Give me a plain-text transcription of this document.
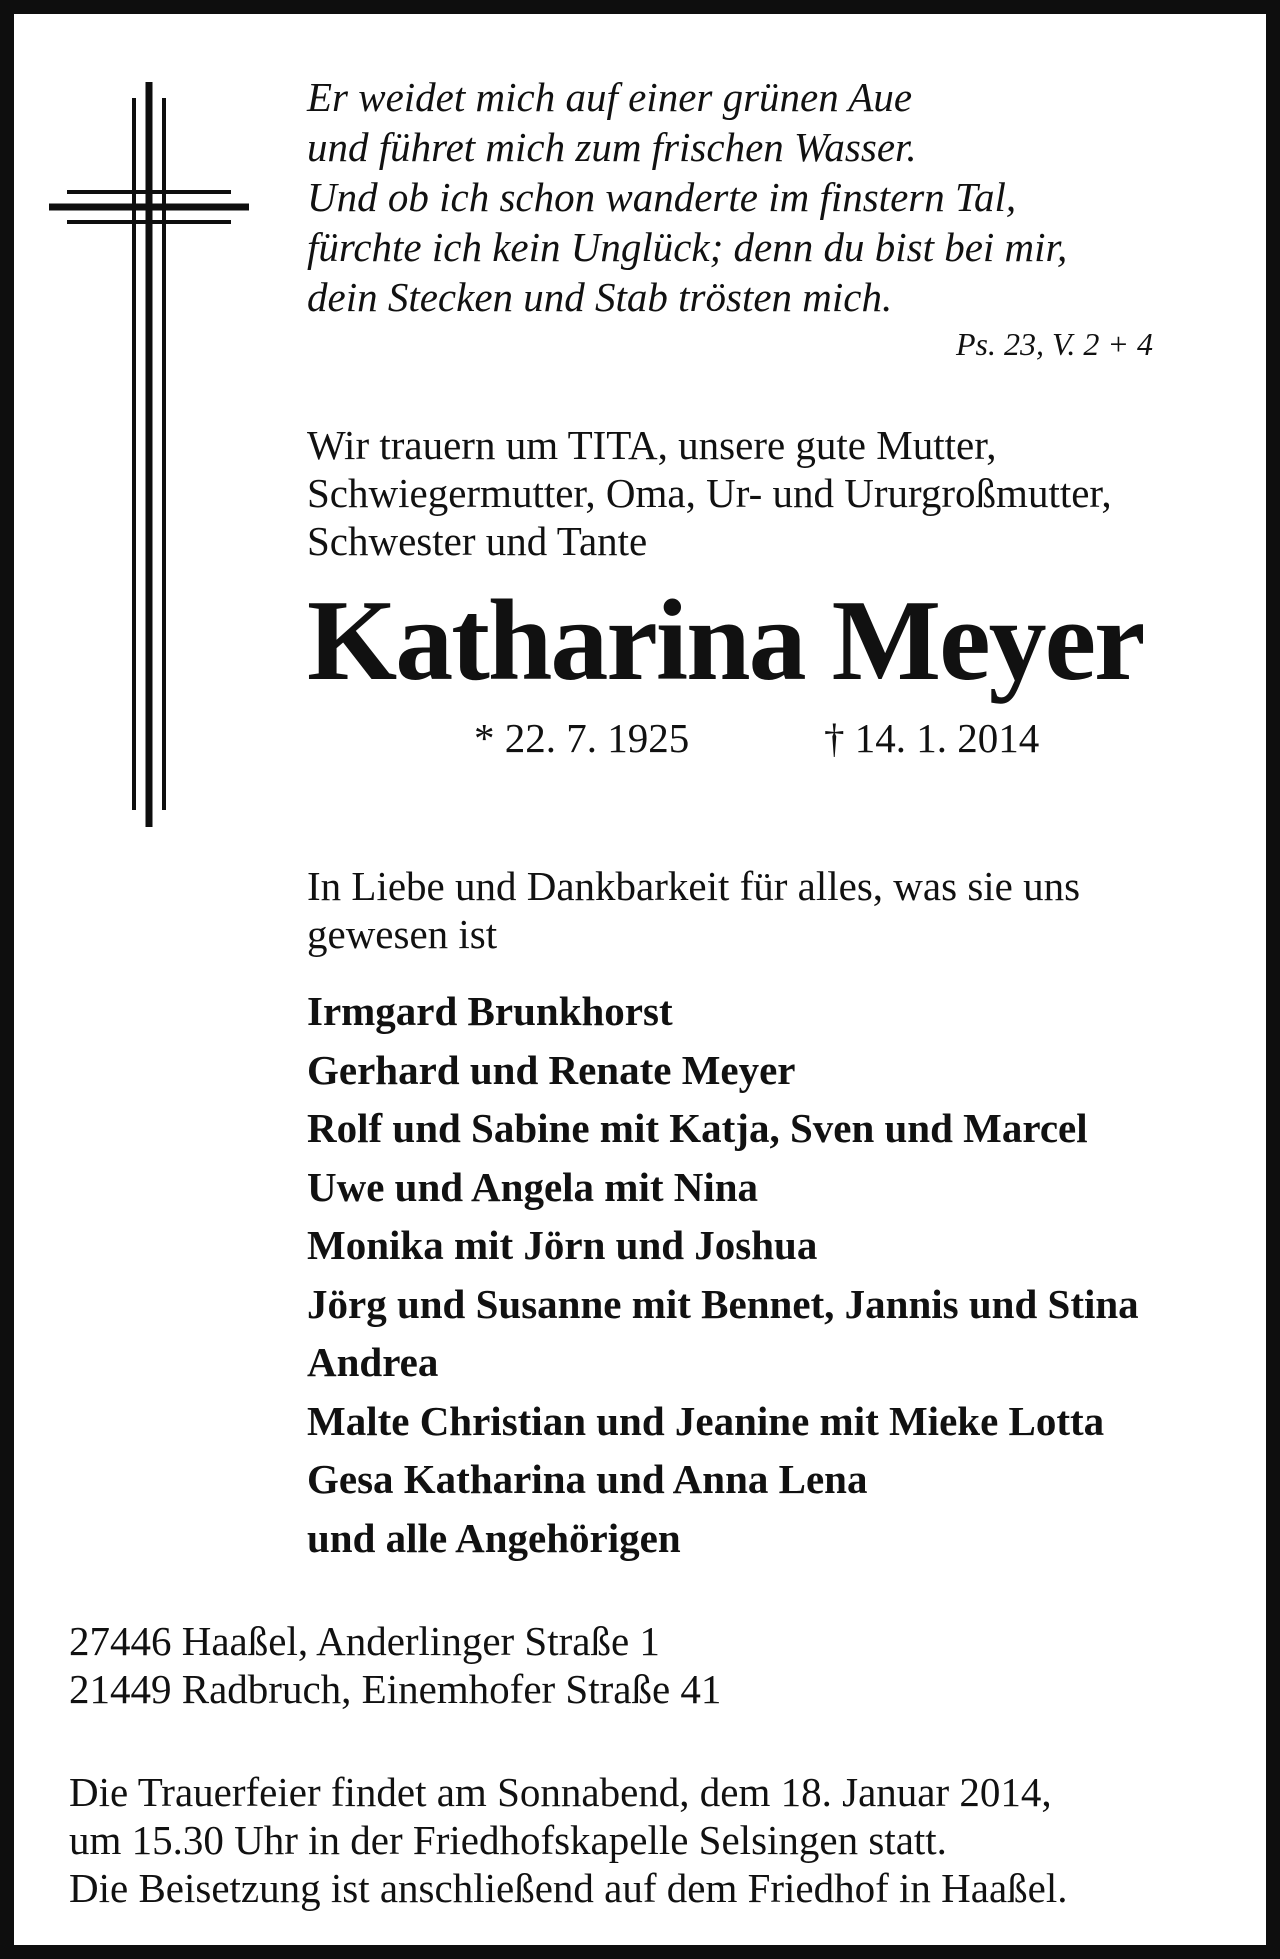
Er weidet mich auf einer grünen Aue
und führet mich zum frischen Wasser.
Und ob ich schon wanderte im finstern Tal,
fürchte ich kein Unglück; denn du bist bei mir,
dein Stecken und Stab trösten mich.
Ps. 23, V. 2 + 4
Wir trauern um TITA, unsere gute Mutter,
Schwiegermutter, Oma, Ur- und Ururgroßmutter,
Schwester und Tante
Katharina Meyer
* 22. 7. 1925	† 14. 1. 2014
In Liebe und Dankbarkeit für alles, was sie uns
gewesen ist
Irmgard Brunkhorst
Gerhard und Renate Meyer
Rolf und Sabine mit Katja, Sven und Marcel
Uwe und Angela mit Nina
Monika mit Jörn und Joshua
Jörg und Susanne mit Bennet, Jannis und Stina
Andrea
Malte Christian und Jeanine mit Mieke Lotta
Gesa Katharina und Anna Lena
und alle Angehörigen
27446 Haaßel, Anderlinger Straße 1
21449 Radbruch, Einemhofer Straße 41
Die Trauerfeier findet am Sonnabend, dem 18. Januar 2014,
um 15.30 Uhr in der Friedhofskapelle Selsingen statt.
Die Beisetzung ist anschließend auf dem Friedhof in Haaßel.
